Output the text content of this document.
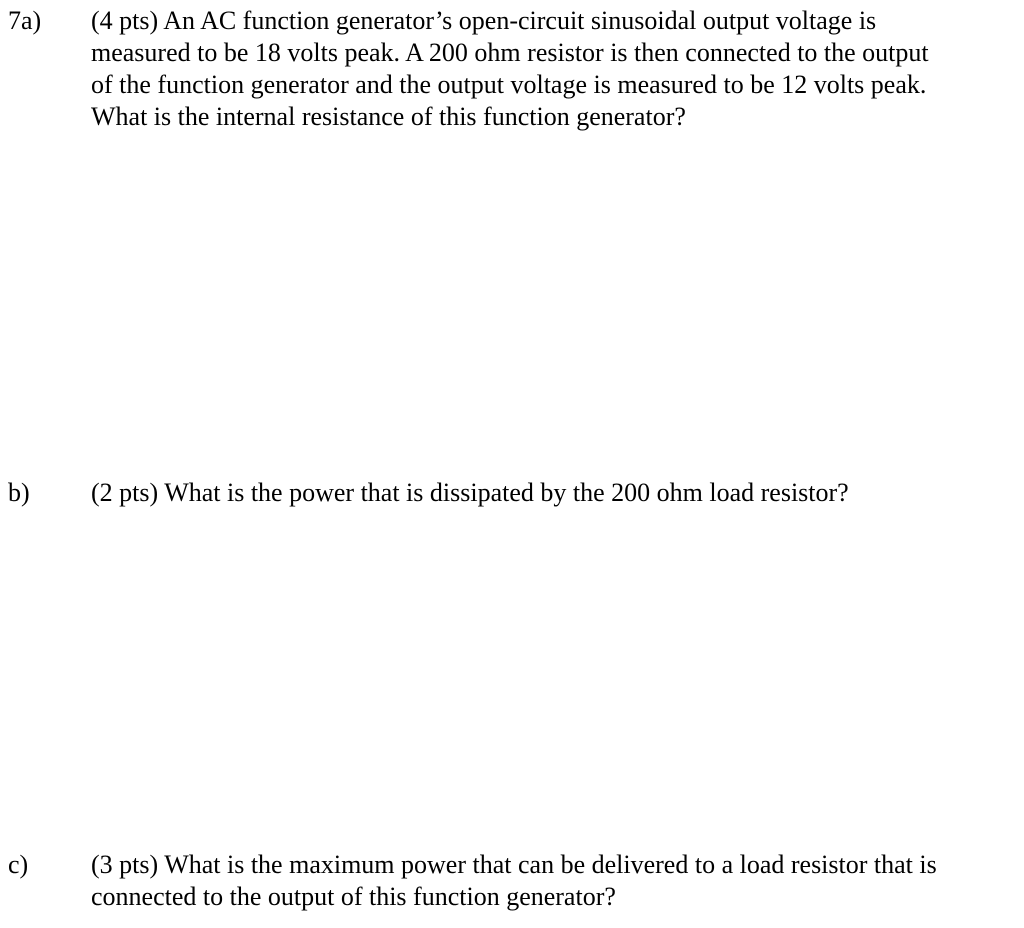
7a) (4 pts) An AC function generator’s open-circuit sinusoidal output voltage is
measured to be 18 volts peak. A 200 ohm resistor is then connected to the output
of the function generator and the output voltage is measured to be 12 volts peak.
What is the internal resistance of this function generator?
b) (2 pts) What is the power that is dissipated by the 200 ohm load resistor?
c) (3 pts) What is the maximum power that can be delivered to a load resistor that is
connected to the output of this function generator?
